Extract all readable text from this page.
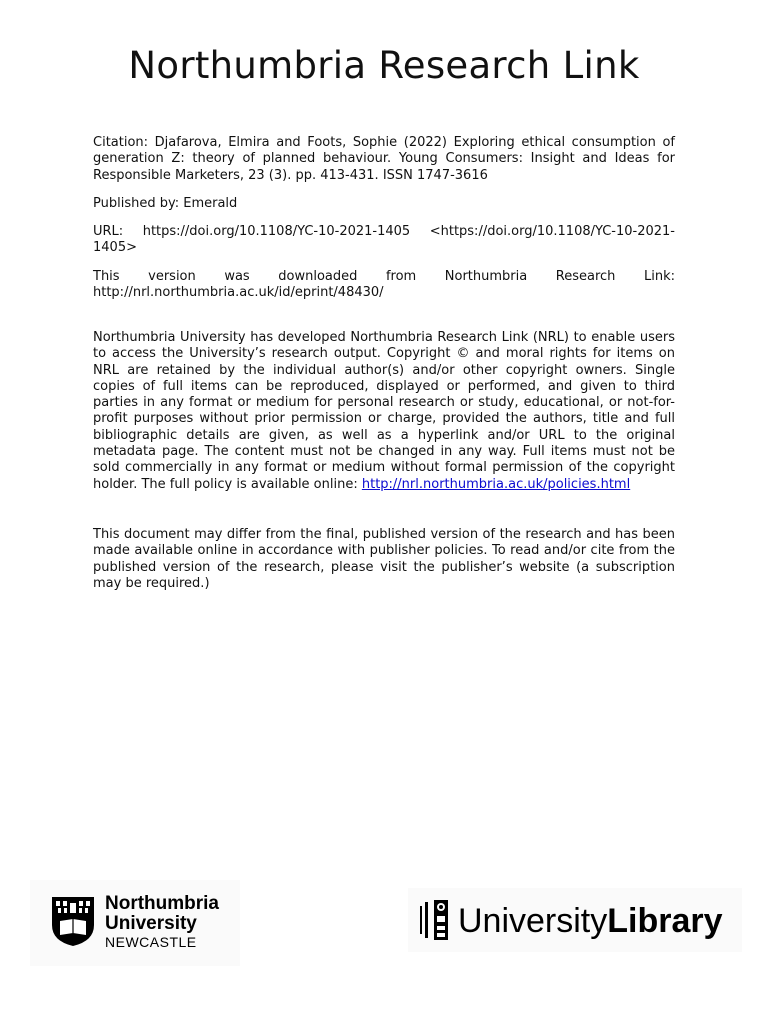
Northumbria Research Link

Citation: Djafarova, Elmira and Foots, Sophie (2022) Exploring ethical consumption of generation Z: theory of planned behaviour. Young Consumers: Insight and Ideas for Responsible Marketers, 23 (3). pp. 413-431. ISSN 1747-3616

Published by: Emerald

URL: https://doi.org/10.1108/YC-10-2021-1405 <https://doi.org/10.1108/YC-10-2021-1405>

This version was downloaded from Northumbria Research Link: http://nrl.northumbria.ac.uk/id/eprint/48430/

Northumbria University has developed Northumbria Research Link (NRL) to enable users to access the University’s research output. Copyright © and moral rights for items on NRL are retained by the individual author(s) and/or other copyright owners. Single copies of full items can be reproduced, displayed or performed, and given to third parties in any format or medium for personal research or study, educational, or not-for-profit purposes without prior permission or charge, provided the authors, title and full bibliographic details are given, as well as a hyperlink and/or URL to the original metadata page. The content must not be changed in any way. Full items must not be sold commercially in any format or medium without formal permission of the copyright holder. The full policy is available online: http://nrl.northumbria.ac.uk/policies.html

This document may differ from the final, published version of the research and has been made available online in accordance with publisher policies. To read and/or cite from the published version of the research, please visit the publisher’s website (a subscription may be required.)

Northumbria
University
NEWCASTLE
UniversityLibrary
